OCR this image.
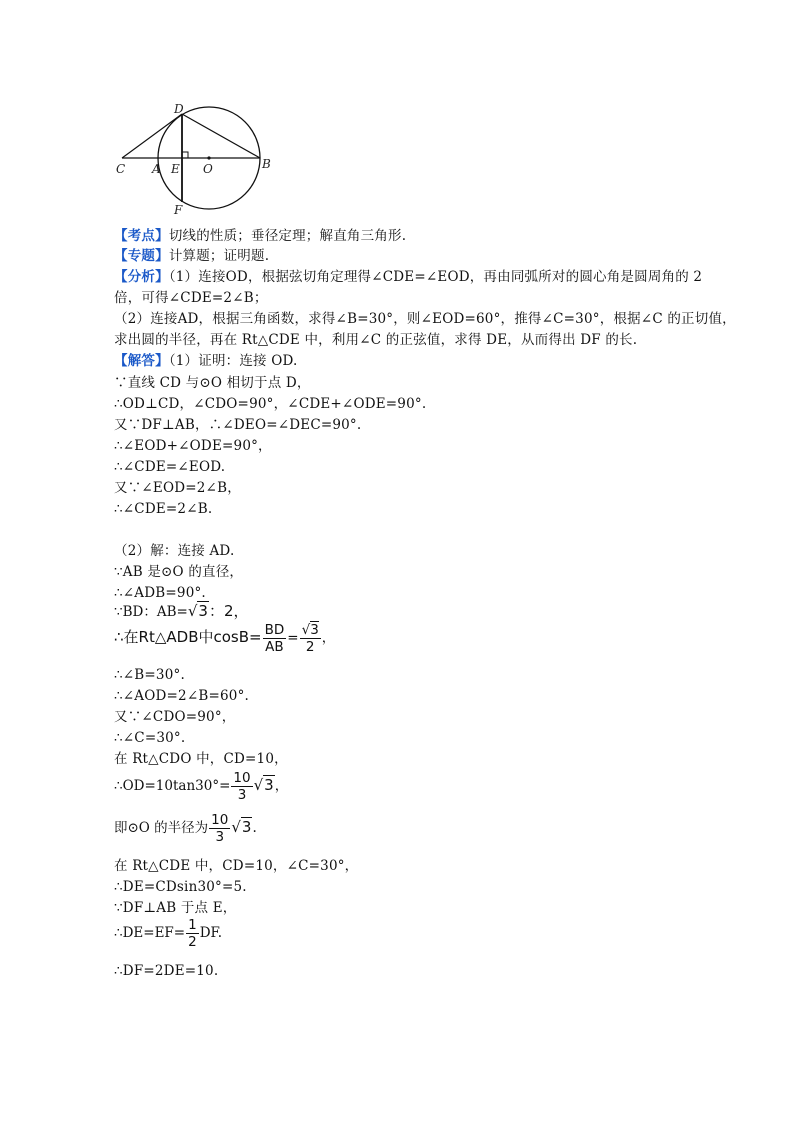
D
C A E O	B
F
【考点】切线的性质；垂径定理；解直角三角形.
【专题】计算题；证明题.
【分析】（1）连接OD，根据弦切角定理得∠CDE=∠EOD，再由同弧所对的圆心角是圆周角的 2
倍，可得∠CDE=2∠B；
（2）连接AD，根据三角函数，求得∠B=30°，则∠EOD=60°，推得∠C=30°，根据∠C 的正切值，
求出圆的半径，再在 Rt△CDE 中，利用∠C 的正弦值，求得 DE，从而得出 DF 的长.
【解答】（1）证明：连接 OD.
∵直线 CD 与⊙O 相切于点 D，
∴OD⊥CD，∠CDO=90°，∠CDE+∠ODE=90°.
又∵DF⊥AB，∴∠DEO=∠DEC=90°.
∴∠EOD+∠ODE=90°，
∴∠CDE=∠EOD.
又∵∠EOD=2∠B，
∴∠CDE=2∠B.
（2）解：连接 AD.
∵AB 是⊙O 的直径，
∴∠ADB=90°.
∵BD：AB=√3：2，
∴在Rt△ADB中$\cos B= \frac{BD}{AB} = \frac{√3}{2}$ ，
∴∠B=30°.
∴∠AOD=2∠B=60°.
又∵∠CDO=90°，
∴∠C=30°.
在 Rt△CDO 中，CD=10，
∴OD=10tan30°= $\frac{10}{3} √3$，
即⊙O 的半径为 $\frac{10}{3} √3$.
在 Rt△CDE 中，CD=10，∠C=30°，
∴DE=CDsin30°=5.
∵DF⊥AB 于点 E，
∴DE=EF= $\frac{1}{2}$ DF.
∴DF=2DE=10.
